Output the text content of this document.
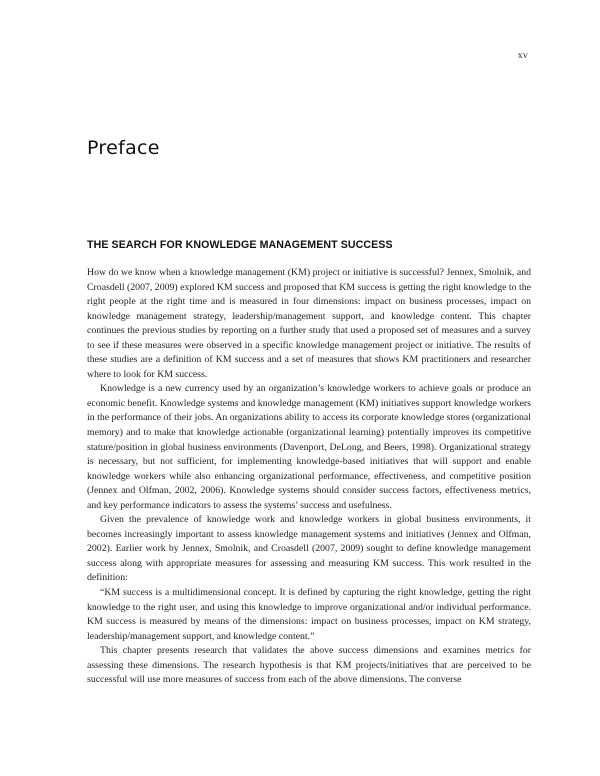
xv
Preface
THE SEARCH FOR KNOWLEDGE MANAGEMENT SUCCESS

How do we know when a knowledge management (KM) project or initiative is successful? Jennex, Smolnik, and Croasdell (2007, 2009) explored KM success and proposed that KM success is getting the right knowledge to the right people at the right time and is measured in four dimensions: impact on business processes, impact on knowledge management strategy, leadership/management support, and knowledge content. This chapter continues the previous studies by reporting on a further study that used a proposed set of measures and a survey to see if these measures were observed in a specific knowledge management project or initiative. The results of these studies are a definition of KM success and a set of measures that shows KM practitioners and researcher where to look for KM success.

Knowledge is a new currency used by an organization’s knowledge workers to achieve goals or produce an economic benefit. Knowledge systems and knowledge management (KM) initiatives support knowledge workers in the performance of their jobs. An organizations ability to access its corporate knowledge stores (organizational memory) and to make that knowledge actionable (organizational learning) potentially improves its competitive stature/position in global business environments (Davenport, DeLong, and Beers, 1998). Organizational strategy is necessary, but not sufficient, for implementing knowledge-based initiatives that will support and enable knowledge workers while also enhancing organizational performance, effectiveness, and competitive position (Jennex and Olfman, 2002, 2006). Knowledge systems should consider success factors, effectiveness metrics, and key performance indicators to assess the systems’ success and usefulness.

Given the prevalence of knowledge work and knowledge workers in global business environments, it becomes increasingly important to assess knowledge management systems and initiatives (Jennex and Olfman, 2002). Earlier work by Jennex, Smolnik, and Croasdell (2007, 2009) sought to define knowledge management success along with appropriate measures for assessing and measuring KM success. This work resulted in the definition:

“KM success is a multidimensional concept. It is defined by capturing the right knowledge, getting the right knowledge to the right user, and using this knowledge to improve organizational and/or individual performance. KM success is measured by means of the dimensions: impact on business processes, impact on KM strategy, leadership/management support, and knowledge content.”

This chapter presents research that validates the above success dimensions and examines metrics for assessing these dimensions. The research hypothesis is that KM projects/initiatives that are perceived to be successful will use more measures of success from each of the above dimensions. The converse
